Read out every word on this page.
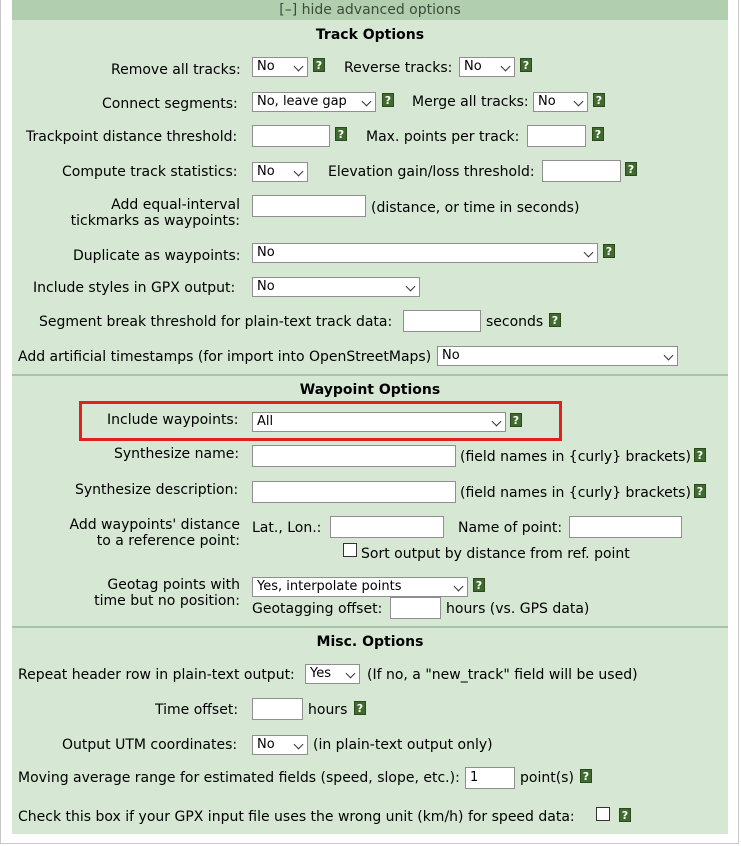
[–] hide advanced options
Track Options
Remove all tracks:	No	? Reverse tracks: No	?
Connect segments:	No, leave gap	? Merge all tracks: No	?
Trackpoint distance threshold:	? Max. points per track:	?
Compute track statistics:	No	Elevation gain/loss threshold:	?
Add equal-interval
tickmarks as waypoints:
(distance, or time in seconds)
Duplicate as waypoints:	No	?
Include styles in GPX output:	No
Segment break threshold for plain-text track data:	seconds ?
Add artificial timestamps (for import into OpenStreetMaps) No
Waypoint Options
Include waypoints:	All	?
Synthesize name:	(field names in {curly} brackets) ?
Synthesize description:	(field names in {curly} brackets) ?
Add waypoints' distance
to a reference point:
Lat., Lon.:	Name of point:
Sort output by distance from ref. point
Geotag points with
time but no position:
Yes, interpolate points	?
Geotagging offset:	hours (vs. GPS data)
Misc. Options
Repeat header row in plain-text output:	Yes	(If no, a "new_track" field will be used)
Time offset:	hours ?
Output UTM coordinates:	No	(in plain-text output only)
Moving average range for estimated fields (speed, slope, etc.): 1	point(s) ?
Check this box if your GPX input file uses the wrong unit (km/h) for speed data:	?
